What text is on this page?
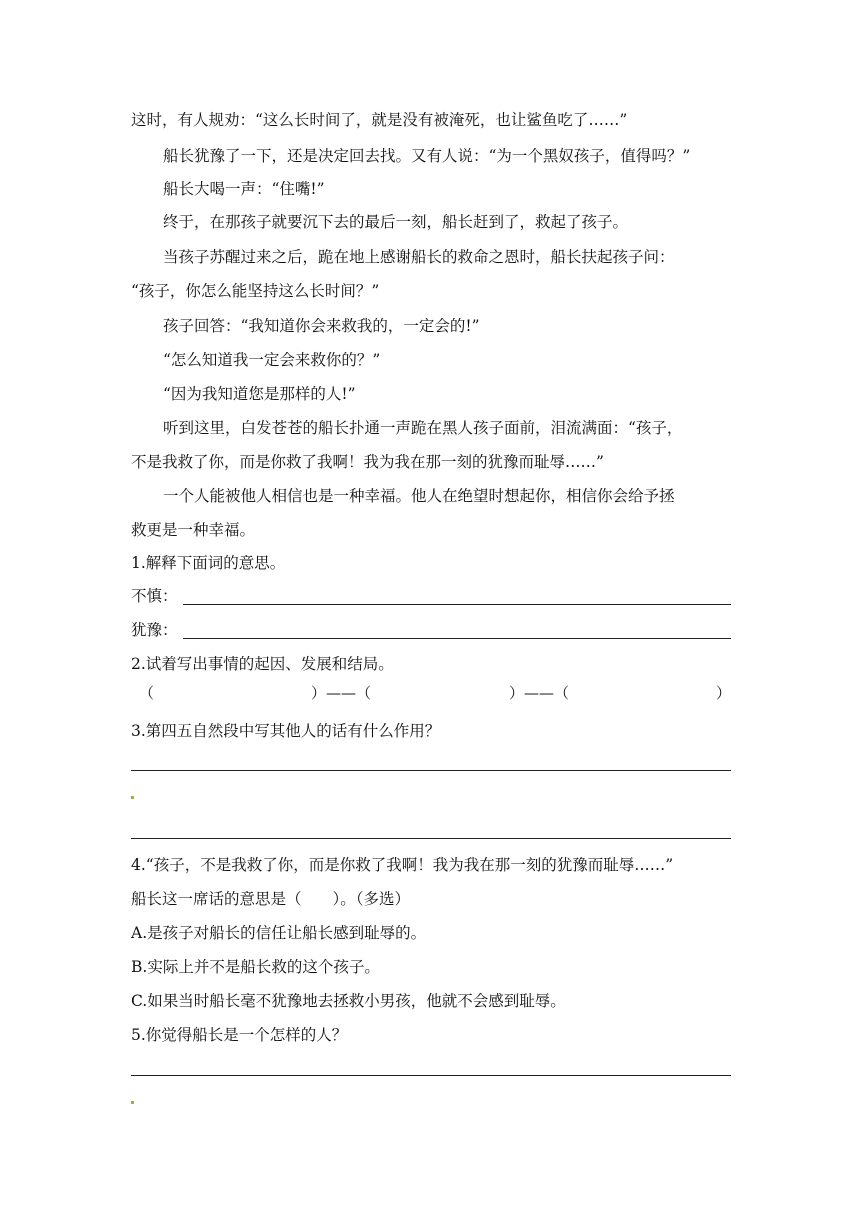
这时，有人规劝：“这么长时间了，就是没有被淹死，也让鲨鱼吃了……”
船长犹豫了一下，还是决定回去找。又有人说：“为一个黑奴孩子，值得吗？”
船长大喝一声：“住嘴!”
终于，在那孩子就要沉下去的最后一刻，船长赶到了，救起了孩子。
当孩子苏醒过来之后，跪在地上感谢船长的救命之恩时，船长扶起孩子问：
“孩子，你怎么能坚持这么长时间？”
孩子回答：“我知道你会来救我的，一定会的!”
“怎么知道我一定会来救你的？”
“因为我知道您是那样的人!”
听到这里，白发苍苍的船长扑通一声跪在黑人孩子面前，泪流满面：“孩子，
不是我救了你，而是你救了我啊！我为我在那一刻的犹豫而耻辱……”
一个人能被他人相信也是一种幸福。他人在绝望时想起你，相信你会给予拯
救更是一种幸福。
1.解释下面词的意思。
不慎：
犹豫：
2.试着写出事情的起因、发展和结局。
（	）——（	）——（	）
3.第四五自然段中写其他人的话有什么作用？
4.“孩子，不是我救了你，而是你救了我啊！我为我在那一刻的犹豫而耻辱……”
船长这一席话的意思是（　　）。（多选）
A.是孩子对船长的信任让船长感到耻辱的。
B.实际上并不是船长救的这个孩子。
C.如果当时船长毫不犹豫地去拯救小男孩，他就不会感到耻辱。
5.你觉得船长是一个怎样的人？
